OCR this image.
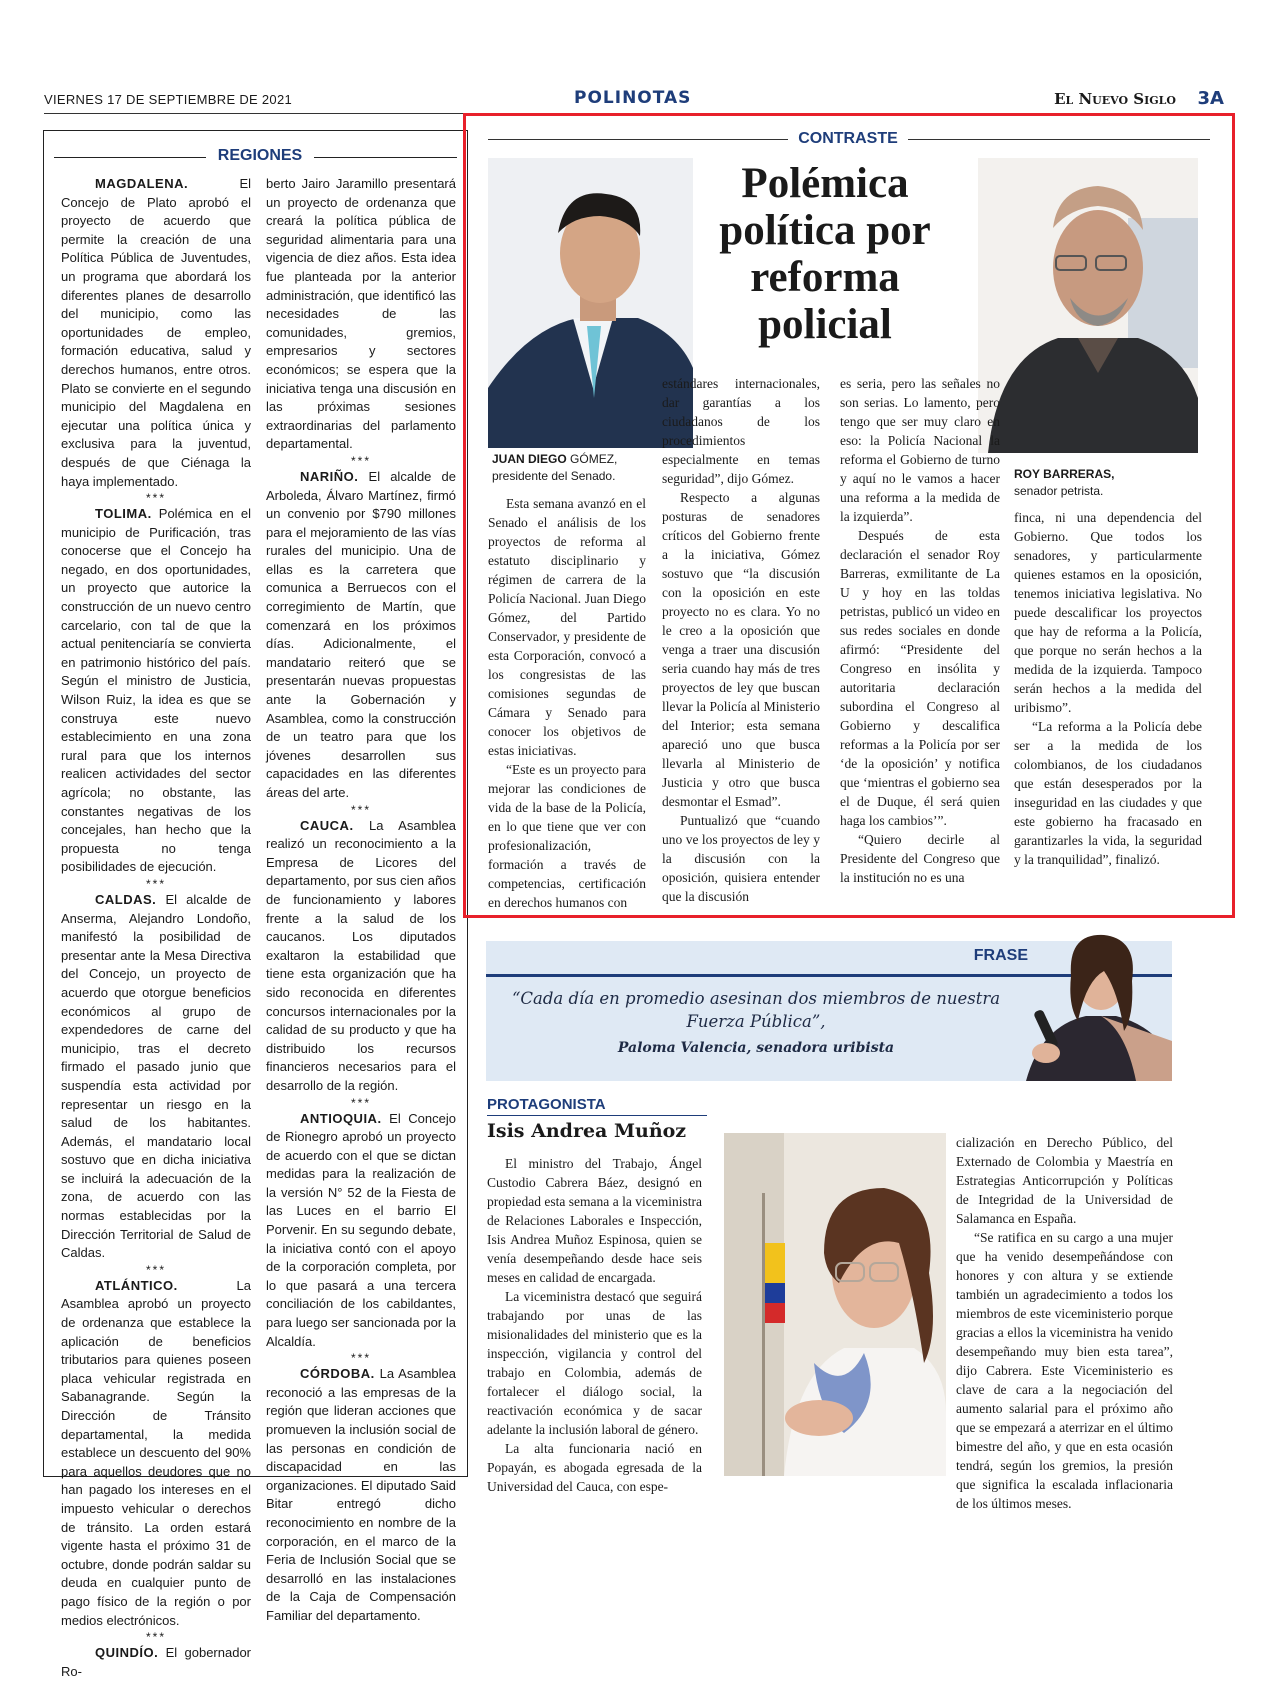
VIERNES 17 DE SEPTIEMBRE DE 2021	POLINOTAS	El Nuevo Siglo 3A
REGIONES

MAGDALENA. El Concejo de Plato aprobó el proyecto de acuerdo que permite la creación de una Política Pública de Juventudes, un programa que abordará los diferentes planes de desarrollo del municipio, como las oportunidades de empleo, formación educativa, salud y derechos humanos, entre otros. Plato se convierte en el segundo municipio del Magdalena en ejecutar una política única y exclusiva para la juventud, después de que Ciénaga la haya implementado.

***

TOLIMA. Polémica en el municipio de Purificación, tras conocerse que el Concejo ha negado, en dos oportunidades, un proyecto que autorice la construcción de un nuevo centro carcelario, con tal de que la actual penitenciaría se convierta en patrimonio histórico del país. Según el ministro de Justicia, Wilson Ruiz, la idea es que se construya este nuevo establecimiento en una zona rural para que los internos realicen actividades del sector agrícola; no obstante, las constantes negativas de los concejales, han hecho que la propuesta no tenga posibilidades de ejecución.

***

CALDAS. El alcalde de Anserma, Alejandro Londoño, manifestó la posibilidad de presentar ante la Mesa Directiva del Concejo, un proyecto de acuerdo que otorgue beneficios económicos al grupo de expendedores de carne del municipio, tras el decreto firmado el pasado junio que suspendía esta actividad por representar un riesgo en la salud de los habitantes. Además, el mandatario local sostuvo que en dicha iniciativa se incluirá la adecuación de la zona, de acuerdo con las normas establecidas por la Dirección Territorial de Salud de Caldas.

***

ATLÁNTICO. La Asamblea aprobó un proyecto de ordenanza que establece la aplicación de beneficios tributarios para quienes poseen placa vehicular registrada en Sabanagrande. Según la Dirección de Tránsito departamental, la medida establece un descuento del 90% para aquellos deudores que no han pagado los intereses en el impuesto vehicular o derechos de tránsito. La orden estará vigente hasta el próximo 31 de octubre, donde podrán saldar su deuda en cualquier punto de pago físico de la región o por medios electrónicos.

***

QUINDÍO. El gobernador Ro-

berto Jairo Jaramillo presentará un proyecto de ordenanza que creará la política pública de seguridad alimentaria para una vigencia de diez años. Esta idea fue planteada por la anterior administración, que identificó las necesidades de las comunidades, gremios, empresarios y sectores económicos; se espera que la iniciativa tenga una discusión en las próximas sesiones extraordinarias del parlamento departamental.

***

NARIÑO. El alcalde de Arboleda, Álvaro Martínez, firmó un convenio por $790 millones para el mejoramiento de las vías rurales del municipio. Una de ellas es la carretera que comunica a Berruecos con el corregimiento de Martín, que comenzará en los próximos días. Adicionalmente, el mandatario reiteró que se presentarán nuevas propuestas ante la Gobernación y Asamblea, como la construcción de un teatro para que los jóvenes desarrollen sus capacidades en las diferentes áreas del arte.

***

CAUCA. La Asamblea realizó un reconocimiento a la Empresa de Licores del departamento, por sus cien años de funcionamiento y labores frente a la salud de los caucanos. Los diputados exaltaron la estabilidad que tiene esta organización que ha sido reconocida en diferentes concursos internacionales por la calidad de su producto y que ha distribuido los recursos financieros necesarios para el desarrollo de la región.

***

ANTIOQUIA. El Concejo de Rionegro aprobó un proyecto de acuerdo con el que se dictan medidas para la realización de la versión N° 52 de la Fiesta de las Luces en el barrio El Porvenir. En su segundo debate, la iniciativa contó con el apoyo de la corporación completa, por lo que pasará a una tercera conciliación de los cabildantes, para luego ser sancionada por la Alcaldía.

***

CÓRDOBA. La Asamblea reconoció a las empresas de la región que lideran acciones que promueven la inclusión social de las personas en condición de discapacidad en las organizaciones. El diputado Said Bitar entregó dicho reconocimiento en nombre de la corporación, en el marco de la Feria de Inclusión Social que se desarrolló en las instalaciones de la Caja de Compensación Familiar del departamento.

CONTRASTE
Polémica política por reforma policial
JUAN DIEGO GÓMEZ,
presidente del Senado.	ROY BARRERAS,
senador petrista.

Esta semana avanzó en el Senado el análisis de los proyectos de reforma al estatuto disciplinario y régimen de carrera de la Policía Nacional. Juan Diego Gómez, del Partido Conservador, y presidente de esta Corporación, convocó a los congresistas de las comisiones segundas de Cámara y Senado para conocer los objetivos de estas iniciativas.

“Este es un proyecto para mejorar las condiciones de vida de la base de la Policía, en lo que tiene que ver con profesionalización, formación a través de competencias, certificación en derechos humanos con

estándares internacionales, dar garantías a los ciudadanos de los procedimientos especialmente en temas seguridad”, dijo Gómez.

Respecto a algunas posturas de senadores críticos del Gobierno frente a la iniciativa, Gómez sostuvo que “la discusión con la oposición en este proyecto no es clara. Yo no le creo a la oposición que venga a traer una discusión seria cuando hay más de tres proyectos de ley que buscan llevar la Policía al Ministerio del Interior; esta semana apareció uno que busca llevarla al Ministerio de Justicia y otro que busca desmontar el Esmad”.

Puntualizó que “cuando uno ve los proyectos de ley y la discusión con la oposición, quisiera entender que la discusión

es seria, pero las señales no son serias. Lo lamento, pero tengo que ser muy claro en eso: la Policía Nacional la reforma el Gobierno de turno y aquí no le vamos a hacer una reforma a la medida de la izquierda”.

Después de esta declaración el senador Roy Barreras, exmilitante de La U y hoy en las toldas petristas, publicó un video en sus redes sociales en donde afirmó: “Presidente del Congreso en insólita y autoritaria declaración subordina el Congreso al Gobierno y descalifica reformas a la Policía por ser ‘de la oposición’ y notifica que ‘mientras el gobierno sea el de Duque, él será quien haga los cambios’”.

“Quiero decirle al Presidente del Congreso que la institución no es una

finca, ni una dependencia del Gobierno. Que todos los senadores, y particularmente quienes estamos en la oposición, tenemos iniciativa legislativa. No puede descalificar los proyectos que hay de reforma a la Policía, que porque no serán hechos a la medida de la izquierda. Tampoco serán hechos a la medida del uribismo”.

“La reforma a la Policía debe ser a la medida de los colombianos, de los ciudadanos que están desesperados por la inseguridad en las ciudades y que este gobierno ha fracasado en garantizarles la vida, la seguridad y la tranquilidad”, finalizó.

FRASE
“Cada día en promedio asesinan dos miembros de nuestra Fuerza Pública”,
Paloma Valencia, senadora uribista
PROTAGONISTA
Isis Andrea Muñoz

El ministro del Trabajo, Ángel Custodio Cabrera Báez, designó en propiedad esta semana a la viceministra de Relaciones Laborales e Inspección, Isis Andrea Muñoz Espinosa, quien se venía desempeñando desde hace seis meses en calidad de encargada.

La viceministra destacó que seguirá trabajando por unas de las misionalidades del ministerio que es la inspección, vigilancia y control del trabajo en Colombia, además de fortalecer el diálogo social, la reactivación económica y de sacar adelante la inclusión laboral de género.

La alta funcionaria nació en Popayán, es abogada egresada de la Universidad del Cauca, con espe-

cialización en Derecho Público, del Externado de Colombia y Maestría en Estrategias Anticorrupción y Políticas de Integridad de la Universidad de Salamanca en España.

“Se ratifica en su cargo a una mujer que ha venido desempeñándose con honores y con altura y se extiende también un agradecimiento a todos los miembros de este viceministerio porque gracias a ellos la viceministra ha venido desempeñando muy bien esta tarea”, dijo Cabrera. Este Viceministerio es clave de cara a la negociación del aumento salarial para el próximo año que se empezará a aterrizar en el último bimestre del año, y que en esta ocasión tendrá, según los gremios, la presión que significa la escalada inflacionaria de los últimos meses.
